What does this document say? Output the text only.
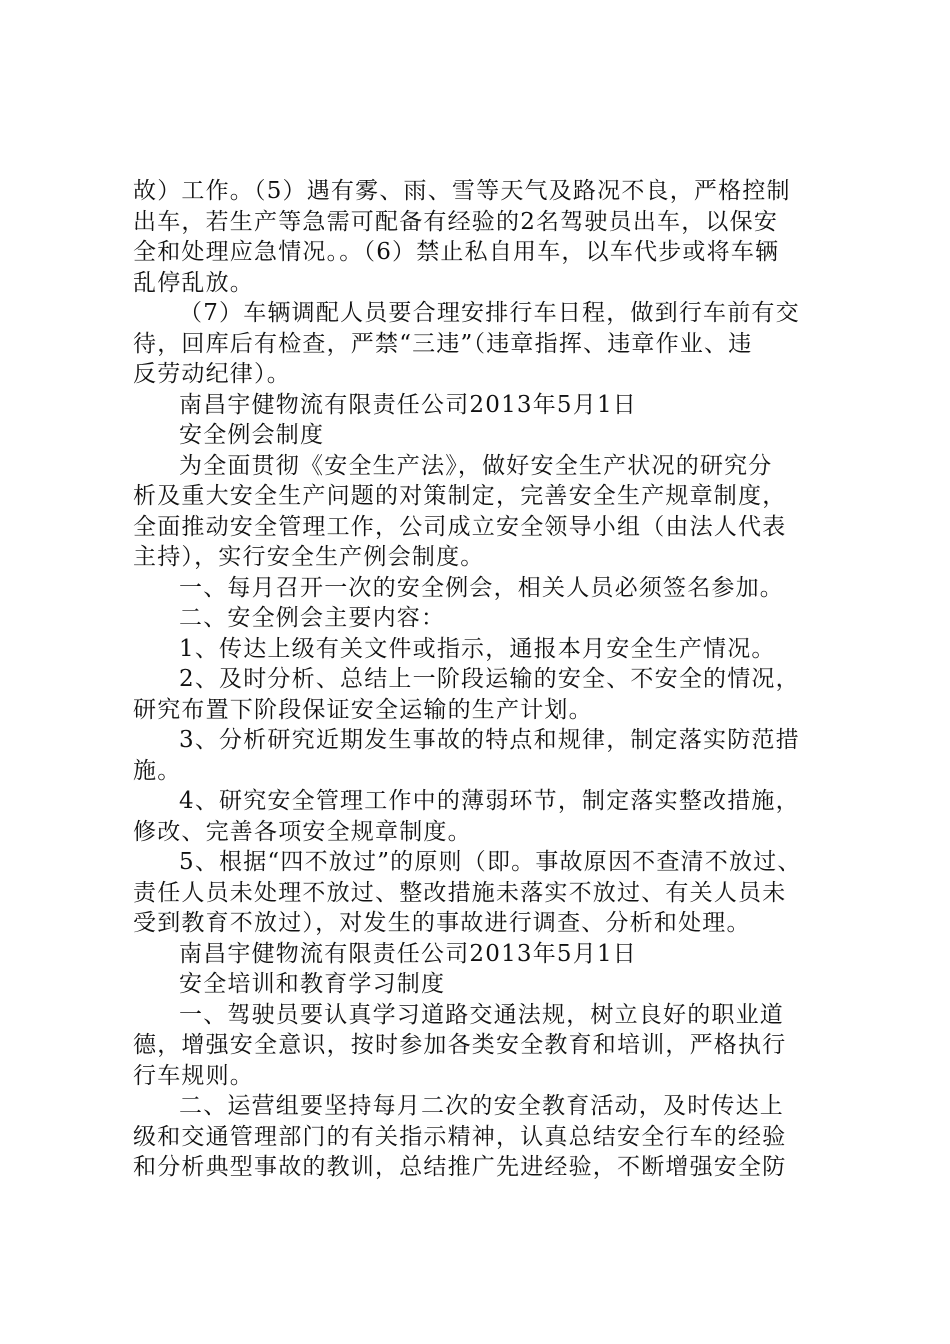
故）工作。（5）遇有雾、雨、雪等天气及路况不良，严格控制
出车，若生产等急需可配备有经验的2名驾驶员出车，以保安
全和处理应急情况。。（6）禁止私自用车，以车代步或将车辆
乱停乱放。
（7）车辆调配人员要合理安排行车日程，做到行车前有交
待，回库后有检查，严禁“三违”（违章指挥、违章作业、违
反劳动纪律）。
南昌宇健物流有限责任公司2013年5月1日
安全例会制度
为全面贯彻《安全生产法》，做好安全生产状况的研究分
析及重大安全生产问题的对策制定，完善安全生产规章制度，
全面推动安全管理工作，公司成立安全领导小组（由法人代表
主持），实行安全生产例会制度。
一、每月召开一次的安全例会，相关人员必须签名参加。
二、安全例会主要内容：
1、传达上级有关文件或指示，通报本月安全生产情况。
2、及时分析、总结上一阶段运输的安全、不安全的情况，
研究布置下阶段保证安全运输的生产计划。
3、分析研究近期发生事故的特点和规律，制定落实防范措
施。
4、研究安全管理工作中的薄弱环节，制定落实整改措施，
修改、完善各项安全规章制度。
5、根据“四不放过”的原则（即。事故原因不查清不放过、
责任人员未处理不放过、整改措施未落实不放过、有关人员未
受到教育不放过），对发生的事故进行调查、分析和处理。
南昌宇健物流有限责任公司2013年5月1日
安全培训和教育学习制度
一、驾驶员要认真学习道路交通法规，树立良好的职业道
德，增强安全意识，按时参加各类安全教育和培训，严格执行
行车规则。
二、运营组要坚持每月二次的安全教育活动，及时传达上
级和交通管理部门的有关指示精神，认真总结安全行车的经验
和分析典型事故的教训，总结推广先进经验，不断增强安全防
